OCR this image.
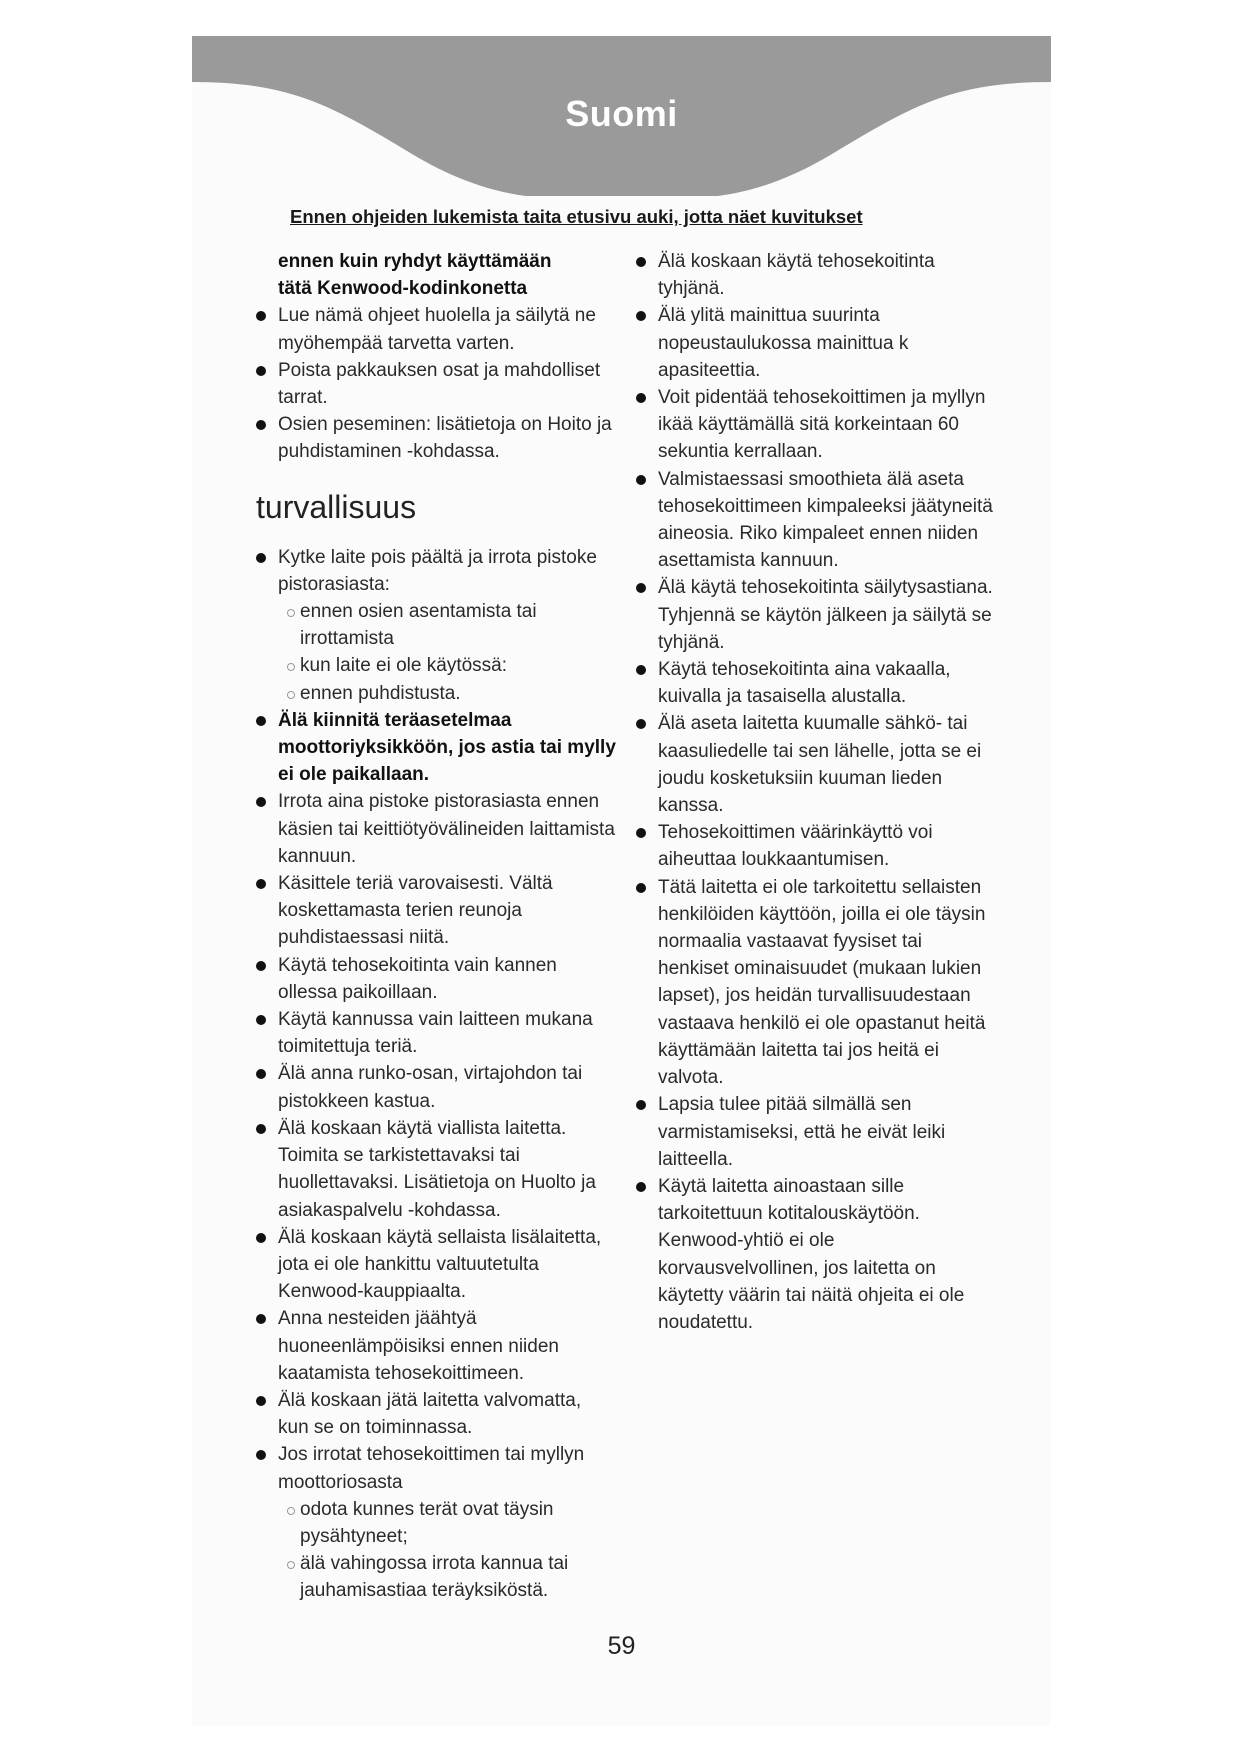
Suomi
Ennen ohjeiden lukemista taita etusivu auki, jotta näet kuvitukset
ennen kuin ryhdyt käyttämään
tätä Kenwood-kodinkonetta
Lue nämä ohjeet huolella ja säilytä ne myöhempää tarvetta varten.
Poista pakkauksen osat ja mahdolliset tarrat.
Osien peseminen: lisätietoja on Hoito ja puhdistaminen -kohdassa.
turvallisuus
Kytke laite pois päältä ja irrota pistoke pistorasiasta:
ennen osien asentamista tai irrottamista
kun laite ei ole käytössä:
ennen puhdistusta.
Älä kiinnitä teräasetelmaa moottoriyksikköön, jos astia tai mylly ei ole paikallaan.
Irrota aina pistoke pistorasiasta ennen käsien tai keittiötyövälineiden laittamista kannuun.
Käsittele teriä varovaisesti. Vältä koskettamasta terien reunoja puhdistaessasi niitä.
Käytä tehosekoitinta vain kannen ollessa paikoillaan.
Käytä kannussa vain laitteen mukana toimitettuja teriä.
Älä anna runko-osan, virtajohdon tai pistokkeen kastua.
Älä koskaan käytä viallista laitetta. Toimita se tarkistettavaksi tai huollettavaksi. Lisätietoja on Huolto ja asiakaspalvelu -kohdassa.
Älä koskaan käytä sellaista lisälaitetta, jota ei ole hankittu valtuutetulta Kenwood-kauppiaalta.
Anna nesteiden jäähtyä huoneenlämpöisiksi ennen niiden kaatamista tehosekoittimeen.
Älä koskaan jätä laitetta valvomatta, kun se on toiminnassa.
Jos irrotat tehosekoittimen tai myllyn moottoriosasta
odota kunnes terät ovat täysin pysähtyneet;
älä vahingossa irrota kannua tai jauhamisastiaa teräyksiköstä.
Älä koskaan käytä tehosekoitinta tyhjänä.
Älä ylitä mainittua suurinta nopeustaulukossa mainittua k apasiteettia.
Voit pidentää tehosekoittimen ja myllyn ikää käyttämällä sitä korkeintaan 60 sekuntia kerrallaan.
Valmistaessasi smoothieta älä aseta tehosekoittimeen kimpaleeksi jäätyneitä aineosia. Riko kimpaleet ennen niiden asettamista kannuun.
Älä käytä tehosekoitinta säilytysastiana. Tyhjennä se käytön jälkeen ja säilytä se tyhjänä.
Käytä tehosekoitinta aina vakaalla, kuivalla ja tasaisella alustalla.
Älä aseta laitetta kuumalle sähkö- tai kaasuliedelle tai sen lähelle, jotta se ei joudu kosketuksiin kuuman lieden kanssa.
Tehosekoittimen väärinkäyttö voi aiheuttaa loukkaantumisen.
Tätä laitetta ei ole tarkoitettu sellaisten henkilöiden käyttöön, joilla ei ole täysin normaalia vastaavat fyysiset tai henkiset ominaisuudet (mukaan lukien lapset), jos heidän turvallisuudestaan vastaava henkilö ei ole opastanut heitä käyttämään laitetta tai jos heitä ei valvota.
Lapsia tulee pitää silmällä sen varmistamiseksi, että he eivät leiki laitteella.
Käytä laitetta ainoastaan sille tarkoitettuun kotitalouskäytöön. Kenwood-yhtiö ei ole korvausvelvollinen, jos laitetta on käytetty väärin tai näitä ohjeita ei ole noudatettu.
59
